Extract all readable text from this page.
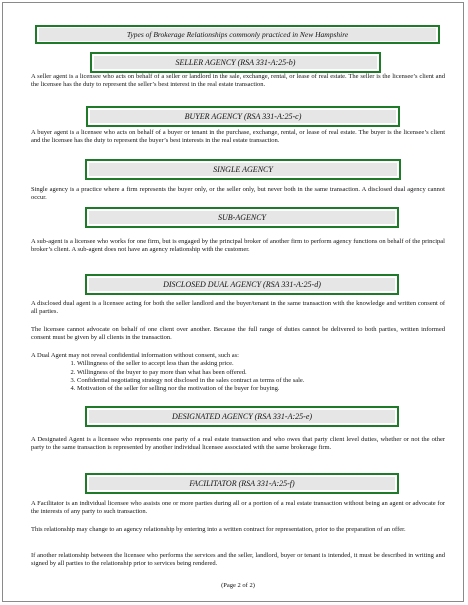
Types of Brokerage Relationships commonly practiced in New Hampshire
SELLER AGENCY (RSA 331-A:25-b)
A seller agent is a licensee who acts on behalf of a seller or landlord in the sale, exchange, rental, or lease of real estate. The seller is the licensee’s client and the licensee has the duty to represent the seller’s best interest in the real estate transaction.
BUYER AGENCY (RSA 331-A:25-c)
A buyer agent is a licensee who acts on behalf of a buyer or tenant in the purchase, exchange, rental, or lease of real estate. The buyer is the licensee’s client and the licensee has the duty to represent the buyer’s best interests in the real estate transaction.
SINGLE AGENCY
Single agency is a practice where a firm represents the buyer only, or the seller only, but never both in the same transaction. A disclosed dual agency cannot occur.
SUB-AGENCY
A sub-agent is a licensee who works for one firm, but is engaged by the principal broker of another firm to perform agency functions on behalf of the principal broker’s client. A sub-agent does not have an agency relationship with the customer.
DISCLOSED DUAL AGENCY (RSA 331-A:25-d)
A disclosed dual agent is a licensee acting for both the seller landlord and the buyer/tenant in the same transaction with the knowledge and written consent of all parties.
The licensee cannot advocate on behalf of one client over another. Because the full range of duties cannot be delivered to both parties, written informed consent must be given by all clients in the transaction.
A Dual Agent may not reveal confidential information without consent, such as:
1. Willingness of the seller to accept less than the asking price.
2. Willingness of the buyer to pay more than what has been offered.
3. Confidential negotiating strategy not disclosed in the sales contract as terms of the sale.
4. Motivation of the seller for selling nor the motivation of the buyer for buying.
DESIGNATED AGENCY (RSA 331-A:25-e)
A Designated Agent is a licensee who represents one party of a real estate transaction and who owes that party client level duties, whether or not the other party to the same transaction is represented by another individual licensee associated with the same brokerage firm.
FACILITATOR (RSA 331-A:25-f)
A Facilitator is an individual licensee who assists one or more parties during all or a portion of a real estate transaction without being an agent or advocate for the interests of any party to such transaction.
This relationship may change to an agency relationship by entering into a written contract for representation, prior to the preparation of an offer.
If another relationship between the licensee who performs the services and the seller, landlord, buyer or tenant is intended, it must be described in writing and signed by all parties to the relationship prior to services being rendered.
(Page 2 of 2)
